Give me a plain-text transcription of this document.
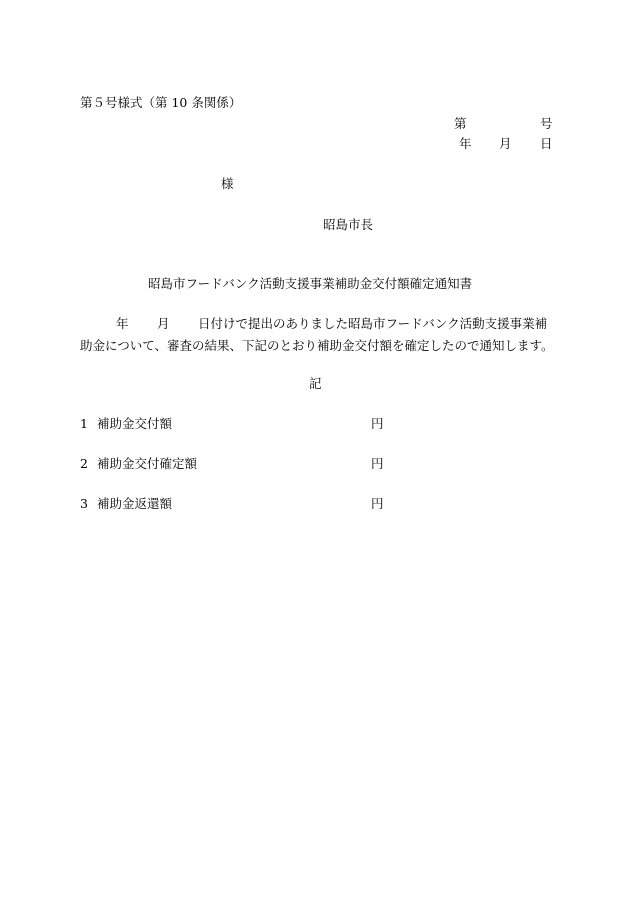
第５号様式（第 10 条関係）
第	号
年 月 日
様
昭島市長
昭島市フードバンク活動支援事業補助金交付額確定通知書
年 月 日付けで提出のありました昭島市フードバンク活動支援事業補
助金について、審査の結果、下記のとおり補助金交付額を確定したので通知します。
記
1 補助金交付額	円
2 補助金交付確定額	円
3 補助金返還額	円
